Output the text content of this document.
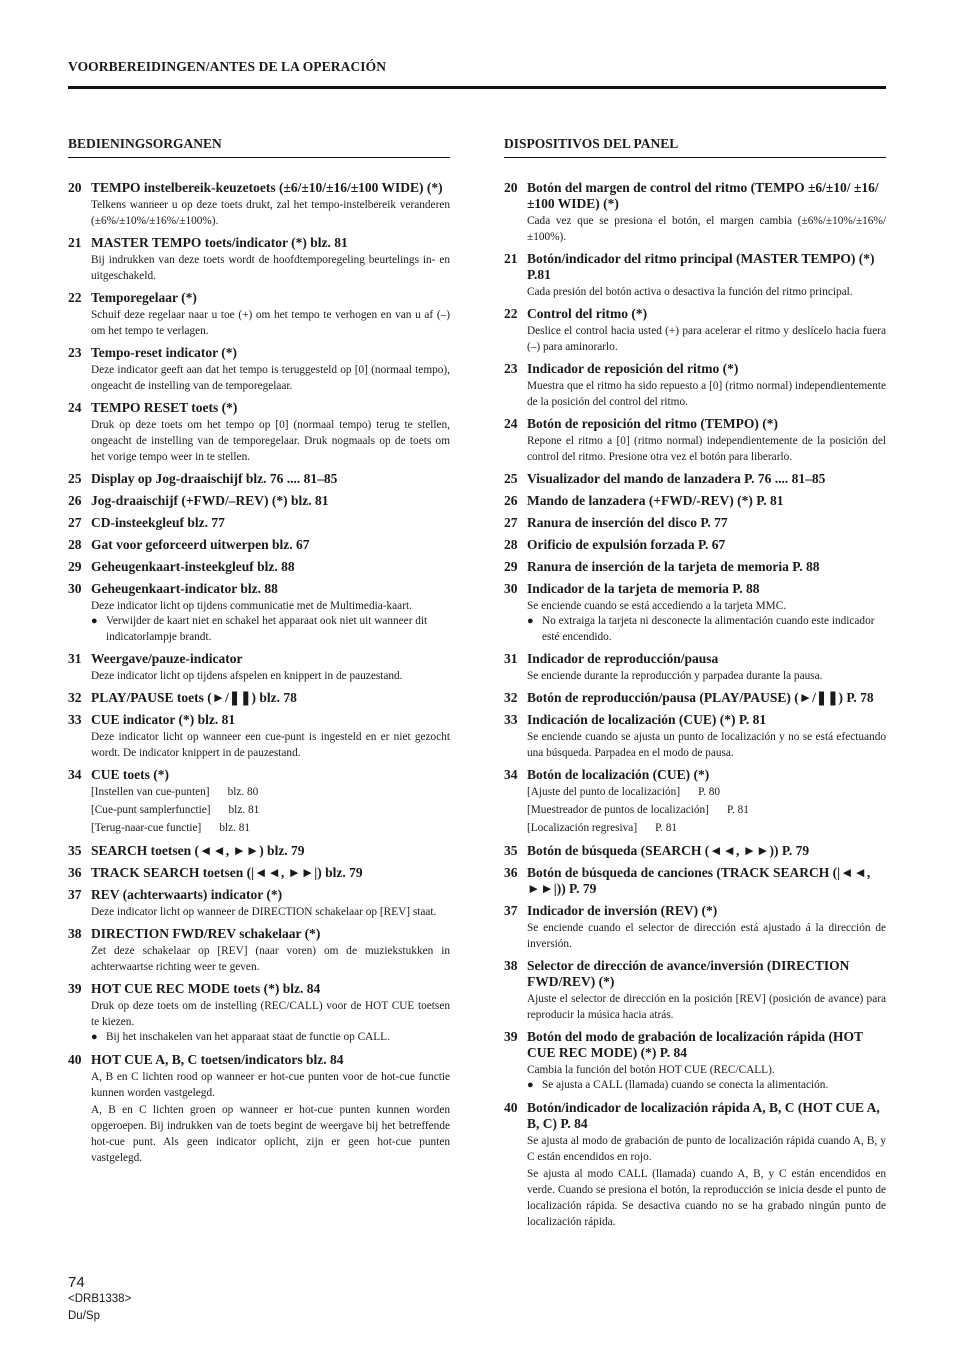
VOORBEREIDINGEN/ANTES DE LA OPERACIÓN
BEDIENINGSORGANEN
20 TEMPO instelbereik-keuzetoets (±6/±10/±16/±100 WIDE) (*)
Telkens wanneer u op deze toets drukt, zal het tempo-instelbereik veranderen (±6%/±10%/±16%/±100%).
21 MASTER TEMPO toets/indicator (*) blz. 81
Bij indrukken van deze toets wordt de hoofdtemporegeling beurtelings in- en uitgeschakeld.
22 Temporegelaar (*)
Schuif deze regelaar naar u toe (+) om het tempo te verhogen en van u af (–) om het tempo te verlagen.
23 Tempo-reset indicator (*)
Deze indicator geeft aan dat het tempo is teruggesteld op [0] (normaal tempo), ongeacht de instelling van de temporegelaar.
24 TEMPO RESET toets (*)
Druk op deze toets om het tempo op [0] (normaal tempo) terug te stellen, ongeacht de instelling van de temporegelaar. Druk nogmaals op de toets om het vorige tempo weer in te stellen.
25 Display op Jog-draaischijf blz. 76 .... 81–85
26 Jog-draaischijf (+FWD/–REV) (*) blz. 81
27 CD-insteekgleuf blz. 77
28 Gat voor geforceerd uitwerpen blz. 67
29 Geheugenkaart-insteekgleuf blz. 88
30 Geheugenkaart-indicator blz. 88
Deze indicator licht op tijdens communicatie met de Multimedia-kaart.
● Verwijder de kaart niet en schakel het apparaat ook niet uit wanneer dit indicatorlampje brandt.
31 Weergave/pauze-indicator
Deze indicator licht op tijdens afspelen en knippert in de pauzestand.
32 PLAY/PAUSE toets (►/❚❚) blz. 78
33 CUE indicator (*) blz. 81
Deze indicator licht op wanneer een cue-punt is ingesteld en er niet gezocht wordt. De indicator knippert in de pauzestand.
34 CUE toets (*)
[Instellen van cue-punten] blz. 80
[Cue-punt samplerfunctie] blz. 81
[Terug-naar-cue functie] blz. 81
35 SEARCH toetsen (◄◄, ►►) blz. 79
36 TRACK SEARCH toetsen (|◄◄, ►►|) blz. 79
37 REV (achterwaarts) indicator (*)
Deze indicator licht op wanneer de DIRECTION schakelaar op [REV] staat.
38 DIRECTION FWD/REV schakelaar (*)
Zet deze schakelaar op [REV] (naar voren) om de muziekstukken in achterwaartse richting weer te geven.
39 HOT CUE REC MODE toets (*) blz. 84
Druk op deze toets om de instelling (REC/CALL) voor de HOT CUE toetsen te kiezen.
● Bij het inschakelen van het apparaat staat de functie op CALL.
40 HOT CUE A, B, C toetsen/indicators blz. 84
A, B en C lichten rood op wanneer er hot-cue punten voor de hot-cue functie kunnen worden vastgelegd.
A, B en C lichten groen op wanneer er hot-cue punten kunnen worden opgeroepen. Bij indrukken van de toets begint de weergave bij het betreffende hot-cue punt. Als geen indicator oplicht, zijn er geen hot-cue punten vastgelegd.
DISPOSITIVOS DEL PANEL
20 Botón del margen de control del ritmo (TEMPO ±6/±10/ ±16/±100 WIDE) (*)
Cada vez que se presiona el botón, el margen cambia (±6%/±10%/±16%/ ±100%).
21 Botón/indicador del ritmo principal (MASTER TEMPO) (*) P.81
Cada presión del botón activa o desactiva la función del ritmo principal.
22 Control del ritmo (*)
Deslice el control hacia usted (+) para acelerar el ritmo y deslícelo hacia fuera (–) para aminorarlo.
23 Indicador de reposición del ritmo (*)
Muestra que el ritmo ha sido repuesto a [0] (ritmo normal) independientemente de la posición del control del ritmo.
24 Botón de reposición del ritmo (TEMPO) (*)
Repone el ritmo a [0] (ritmo normal) independientemente de la posición del control del ritmo. Presione otra vez el botón para liberarlo.
25 Visualizador del mando de lanzadera P. 76 .... 81–85
26 Mando de lanzadera (+FWD/-REV) (*) P. 81
27 Ranura de inserción del disco P. 77
28 Orificio de expulsión forzada P. 67
29 Ranura de inserción de la tarjeta de memoria P. 88
30 Indicador de la tarjeta de memoria P. 88
Se enciende cuando se está accediendo a la tarjeta MMC.
● No extraiga la tarjeta ni desconecte la alimentación cuando este indicador esté encendido.
31 Indicador de reproducción/pausa
Se enciende durante la reproducción y parpadea durante la pausa.
32 Botón de reproducción/pausa (PLAY/PAUSE) (►/❚❚) P. 78
33 Indicación de localización (CUE) (*) P. 81
Se enciende cuando se ajusta un punto de localización y no se está efectuando una búsqueda. Parpadea en el modo de pausa.
34 Botón de localización (CUE) (*)
[Ajuste del punto de localización] P. 80
[Muestreador de puntos de localización] P. 81
[Localización regresiva] P. 81
35 Botón de búsqueda (SEARCH (◄◄, ►►)) P. 79
36 Botón de búsqueda de canciones (TRACK SEARCH (|◄◄, ►►|)) P. 79
37 Indicador de inversión (REV) (*)
Se enciende cuando el selector de dirección está ajustado á la dirección de inversión.
38 Selector de dirección de avance/inversión (DIRECTION FWD/REV) (*)
Ajuste el selector de dirección en la posición [REV] (posición de avance) para reproducir la música hacia atrás.
39 Botón del modo de grabación de localización rápida (HOT CUE REC MODE) (*) P. 84
Cambia la función del botón HOT CUE (REC/CALL).
● Se ajusta a CALL (llamada) cuando se conecta la alimentación.
40 Botón/indicador de localización rápida A, B, C (HOT CUE A, B, C) P. 84
Se ajusta al modo de grabación de punto de localización rápida cuando A, B, y C están encendidos en rojo.
Se ajusta al modo CALL (llamada) cuando A, B, y C están encendidos en verde. Cuando se presiona el botón, la reproducción se inicia desde el punto de localización rápida. Se desactiva cuando no se ha grabado ningún punto de localización rápida.
74
<DRB1338>
Du/Sp
